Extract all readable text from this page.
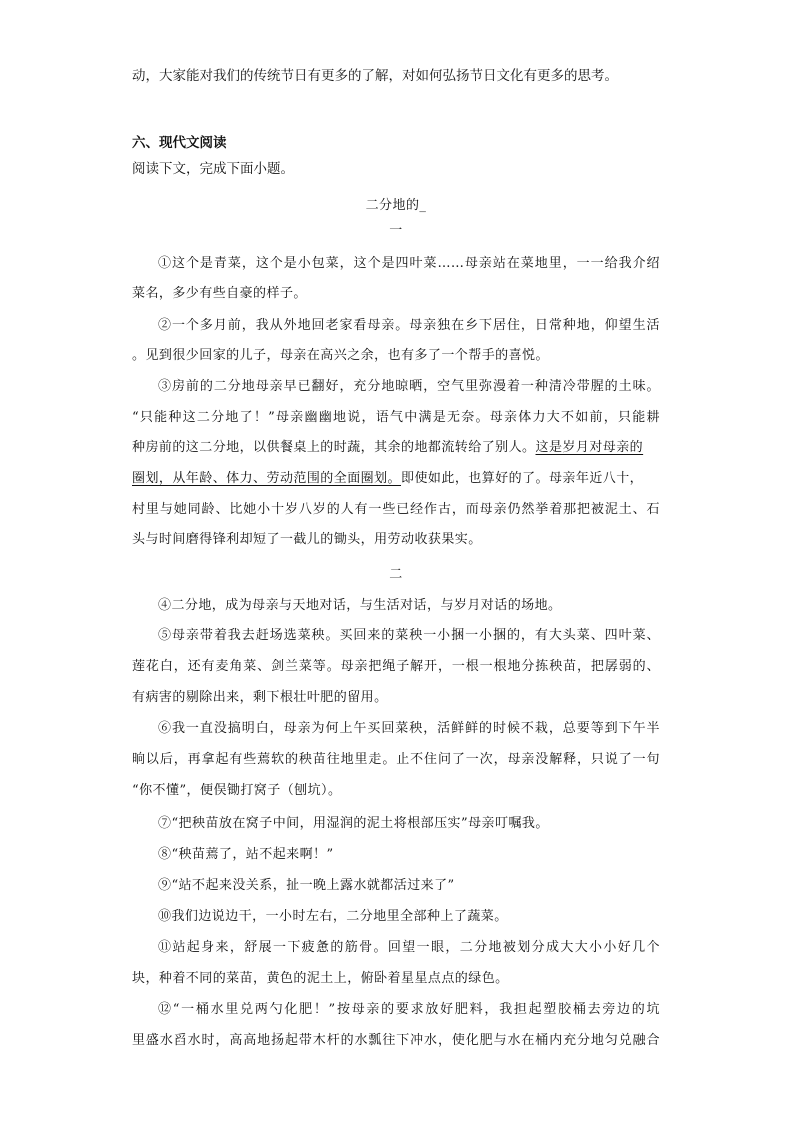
动，大家能对我们的传统节日有更多的了解，对如何弘扬节日文化有更多的思考。
六、现代文阅读
阅读下文，完成下面小题。
二分地的_
一
①这个是青菜，这个是小包菜，这个是四叶菜……母亲站在菜地里，一一给我介绍
菜名，多少有些自豪的样子。
②一个多月前，我从外地回老家看母亲。母亲独在乡下居住，日常种地，仰望生活
。见到很少回家的儿子，母亲在高兴之余，也有多了一个帮手的喜悦。
③房前的二分地母亲早已翻好，充分地晾晒，空气里弥漫着一种清冷带腥的土味。
“只能种这二分地了！”母亲幽幽地说，语气中满是无奈。母亲体力大不如前，只能耕
种房前的这二分地，以供餐桌上的时蔬，其余的地都流转给了别人。这是岁月对母亲的
圈划，从年龄、体力、劳动范围的全面圈划。即使如此，也算好的了。母亲年近八十，
村里与她同龄、比她小十岁八岁的人有一些已经作古，而母亲仍然挙着那把被泥土、石
头与时间磨得锋利却短了一截儿的锄头，用劳动收获果实。
二
④二分地，成为母亲与天地对话，与生活对话，与岁月对话的场地。
⑤母亲带着我去赶场选菜秧。买回来的菜秧一小捆一小捆的，有大头菜、四叶菜、
莲花白，还有麦角菜、剑兰菜等。母亲把绳子解开，一根一根地分拣秧苗，把孱弱的、
有病害的剔除出来，剩下根壮叶肥的留用。
⑥我一直没搞明白，母亲为何上午买回菜秧，活鲜鲜的时候不栽，总要等到下午半
晌以后，再拿起有些蔫软的秧苗往地里走。止不住问了一次，母亲没解释，只说了一句
“你不懂”，便俣锄打窝子（刨坑）。
⑦“把秧苗放在窝子中间，用湿润的泥土将根部压实”母亲叮嘱我。
⑧“秧苗蔫了，站不起来啊！”
⑨“站不起来没关系，扯一晚上露水就都活过来了”
⑩我们边说边干，一小时左右，二分地里全部种上了蔬菜。
⑪站起身来，舒展一下疲惫的筋骨。回望一眼，二分地被划分成大大小小好几个
块，种着不同的菜苗，黄色的泥土上，俯卧着星星点点的绿色。
⑫“一桶水里兑两勺化肥！”按母亲的要求放好肥料，我担起塑胶桶去旁边的坑
里盛水舀水时，高高地扬起带木杆的水瓢往下冲水，使化肥与水在桶内充分地匀兑融合
